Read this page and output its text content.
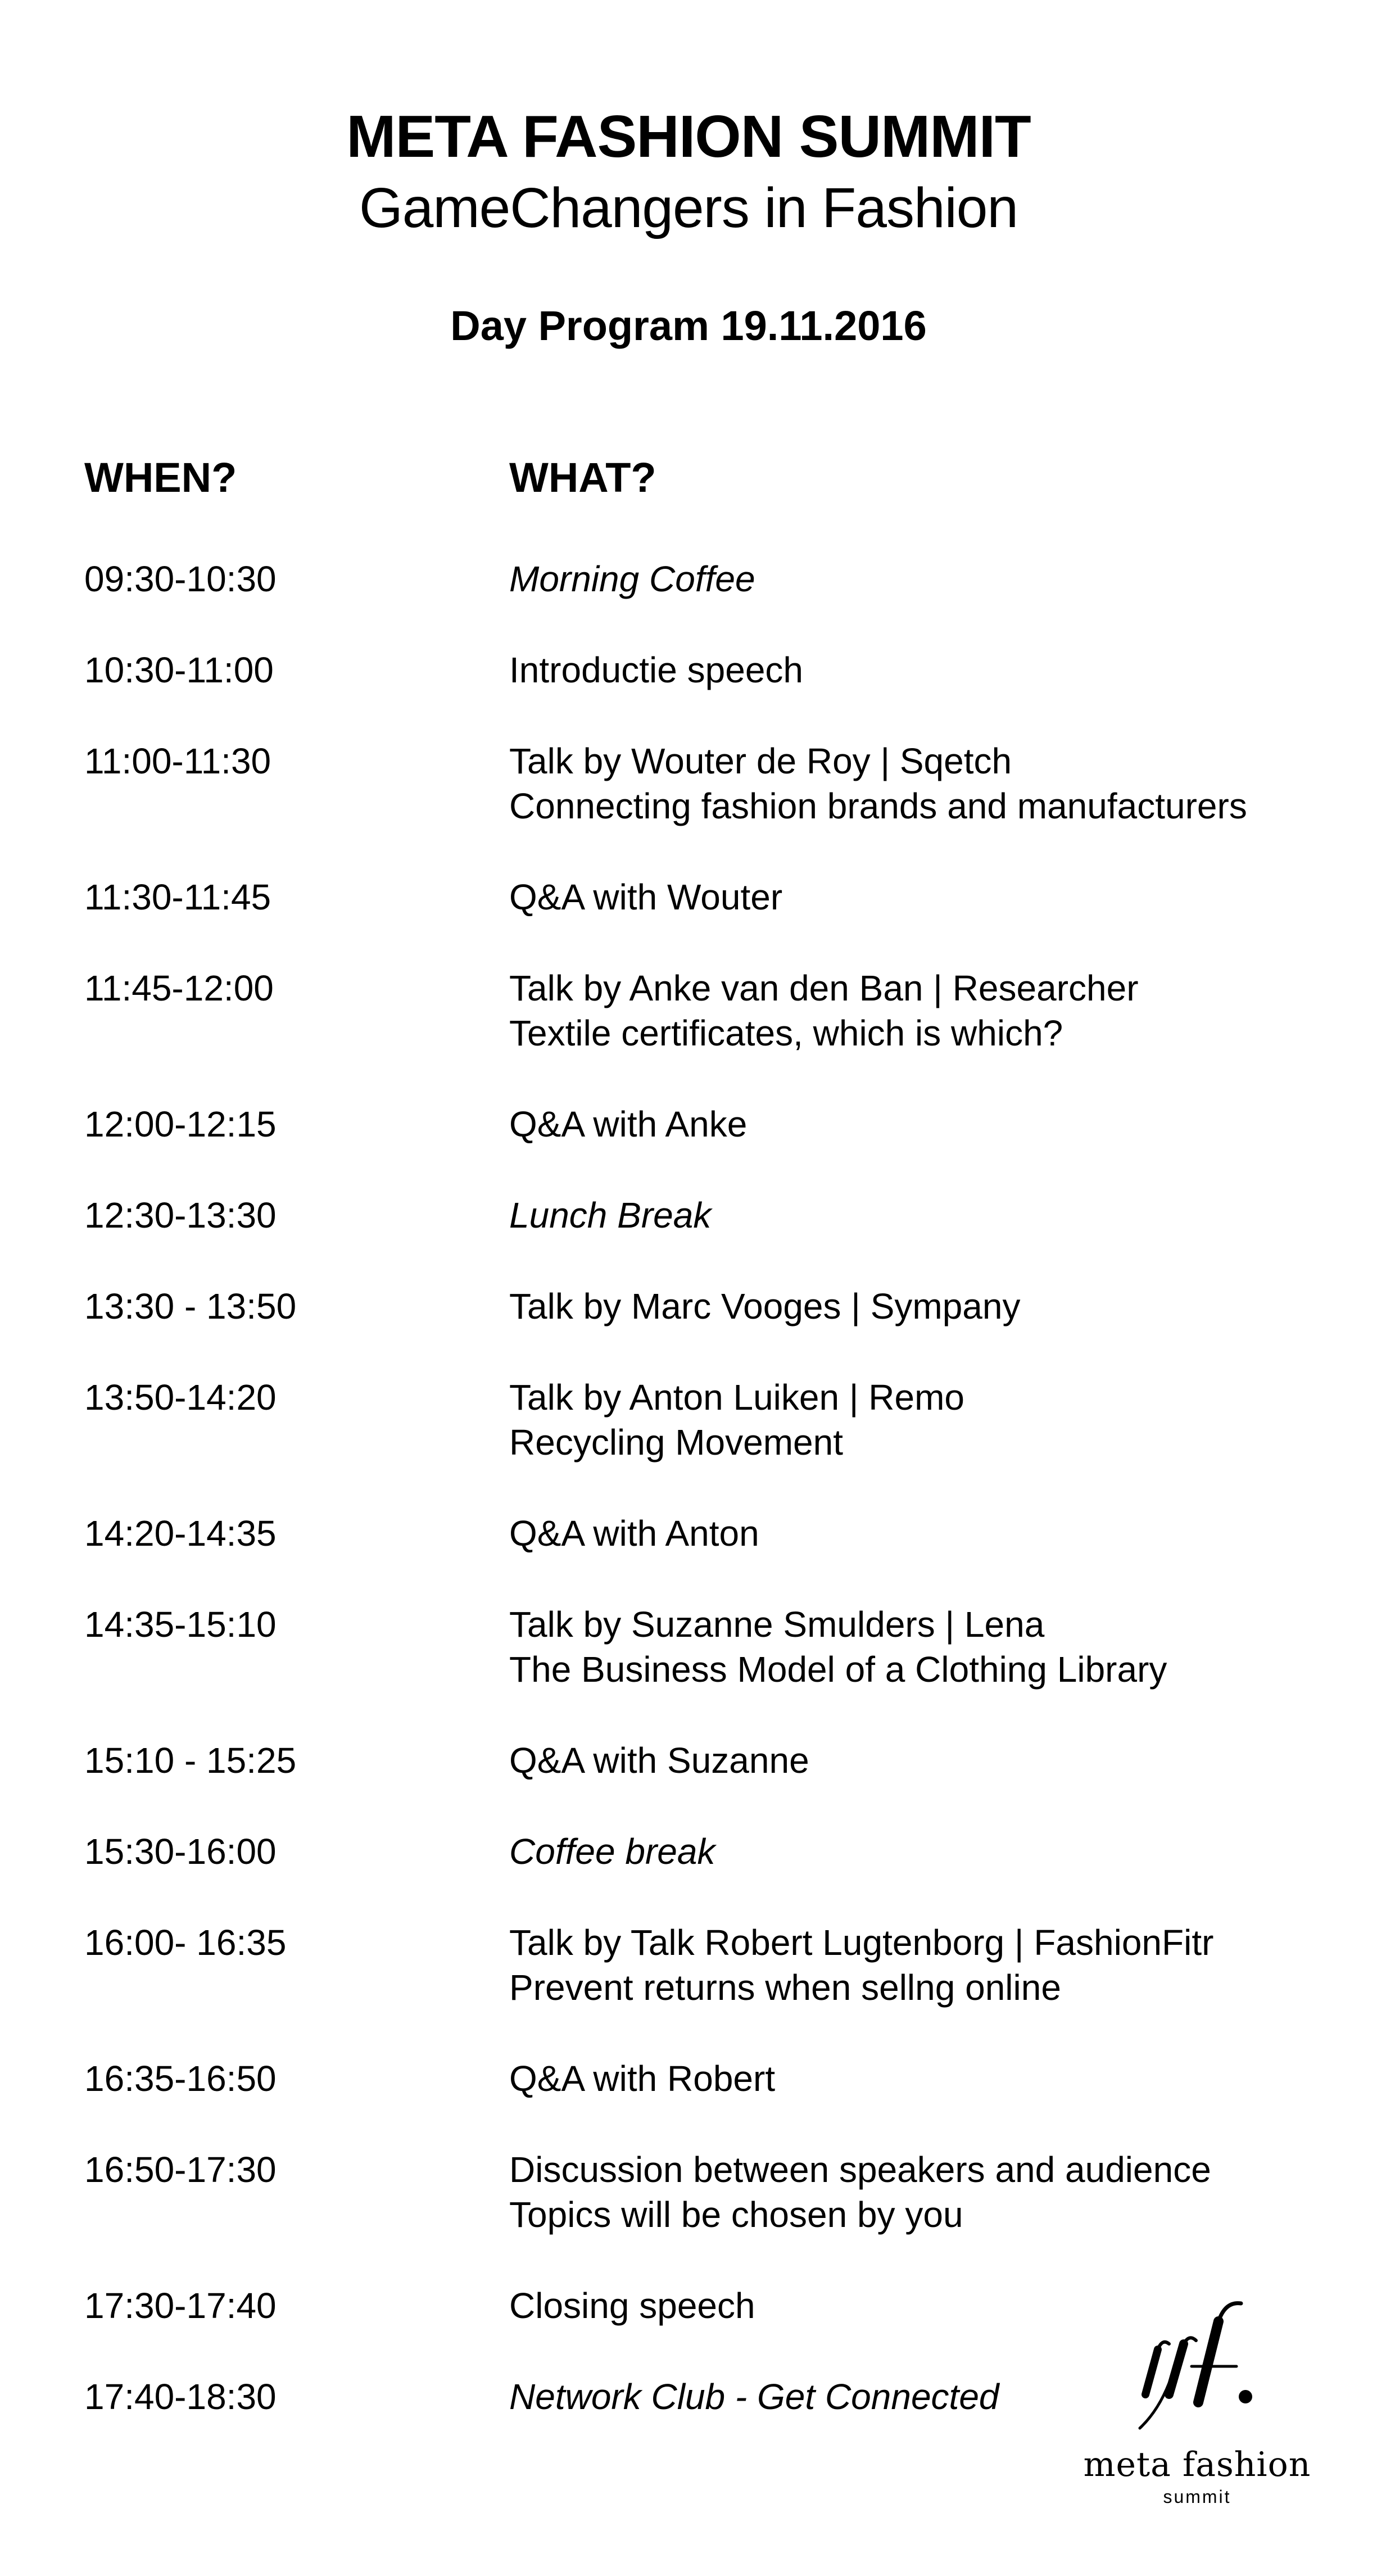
META FASHION SUMMIT
GameChangers in Fashion
Day Program 19.11.2016
WHEN?	WHAT?
09:30-10:30	Morning Coffee
10:30-11:00	Introductie speech
11:00-11:30	Talk by Wouter de Roy | Sqetch
Connecting fashion brands and manufacturers
11:30-11:45	Q&A with Wouter
11:45-12:00	Talk by Anke van den Ban | Researcher
Textile certificates, which is which?
12:00-12:15	Q&A with Anke
12:30-13:30	Lunch Break
13:30 - 13:50	Talk by Marc Vooges | Sympany
13:50-14:20	Talk by Anton Luiken | Remo
Recycling Movement
14:20-14:35	Q&A with Anton
14:35-15:10	Talk by Suzanne Smulders | Lena
The Business Model of a Clothing Library
15:10 - 15:25	Q&A with Suzanne
15:30-16:00	Coffee break
16:00- 16:35	Talk by Talk Robert Lugtenborg | FashionFitr
Prevent returns when sellng online
16:35-16:50	Q&A with Robert
16:50-17:30	Discussion between speakers and audience
Topics will be chosen by you
17:30-17:40	Closing speech
17:40-18:30	Network Club - Get Connected
meta fashion
summit
